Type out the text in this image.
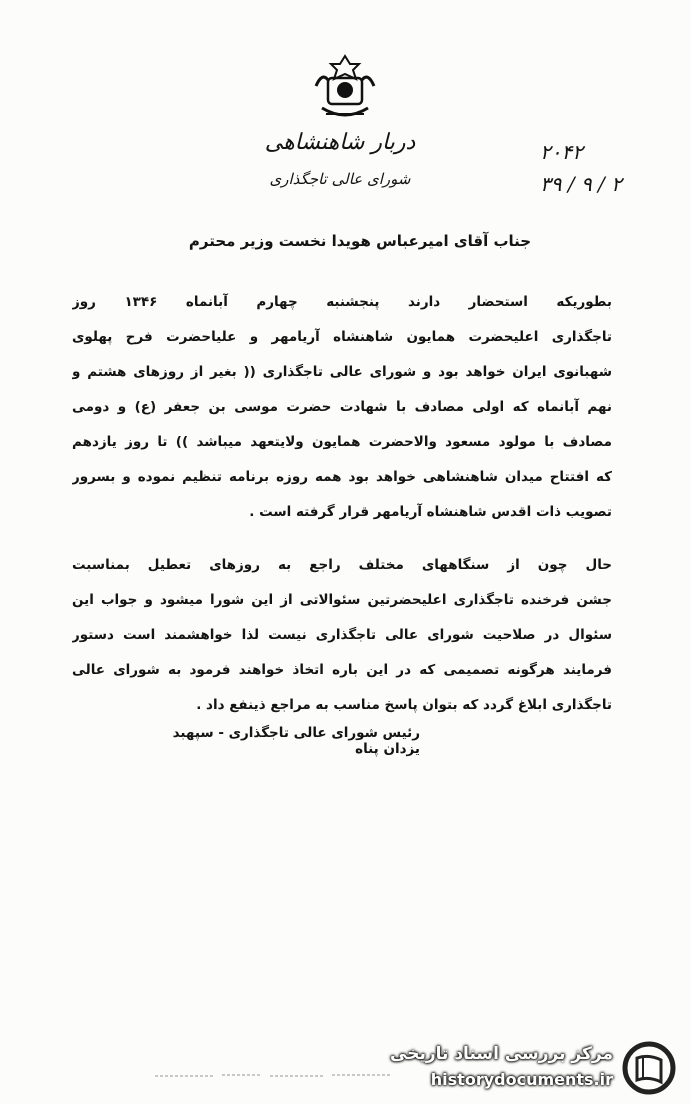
دربار شاهنشاهی
شورای عالی تاجگذاری
۲۰۴۲
۳۹ / ۹ / ۲
جناب آقای امیرعباس هویدا نخست وزیر محترم
بطوریکه استحضار دارند پنجشنبه چهارم آبانماه ۱۳۴۶ روز
تاجگذاری اعلیحضرت همایون شاهنشاه آریامهر و علیاحضرت فرح پهلوی
شهبانوی ایران خواهد بود و شورای عالی تاجگذاری (( بغیر از روزهای هشتم و
نهم آبانماه که اولی مصادف با شهادت حضرت موسی بن جعفر (ع) و دومی
مصادف با مولود مسعود والاحضرت همایون ولایتعهد میباشد )) تا روز یازدهم
که افتتاح میدان شاهنشاهی خواهد بود همه روزه برنامه تنظیم نموده و بسرور
تصویب ذات اقدس شاهنشاه آریامهر قرار گرفته است .
حال چون از سنگاههای مختلف راجع به روزهای تعطیل بمناسبت
جشن فرخنده تاجگذاری اعلیحضرتین سئوالاتی از این شورا میشود و جواب این
سئوال در صلاحیت شورای عالی تاجگذاری نیست لذا خواهشمند است دستور
فرمایند هرگونه تصمیمی که در این باره اتخاذ خواهند فرمود به شورای عالی
تاجگذاری ابلاغ گردد که بتوان پاسخ مناسب به مراجع ذینفع داد .
رئیس شورای عالی تاجگذاری - سپهبد یزدان پناه
مرکز بررسی اسناد تاریخی
historydocuments.ir
